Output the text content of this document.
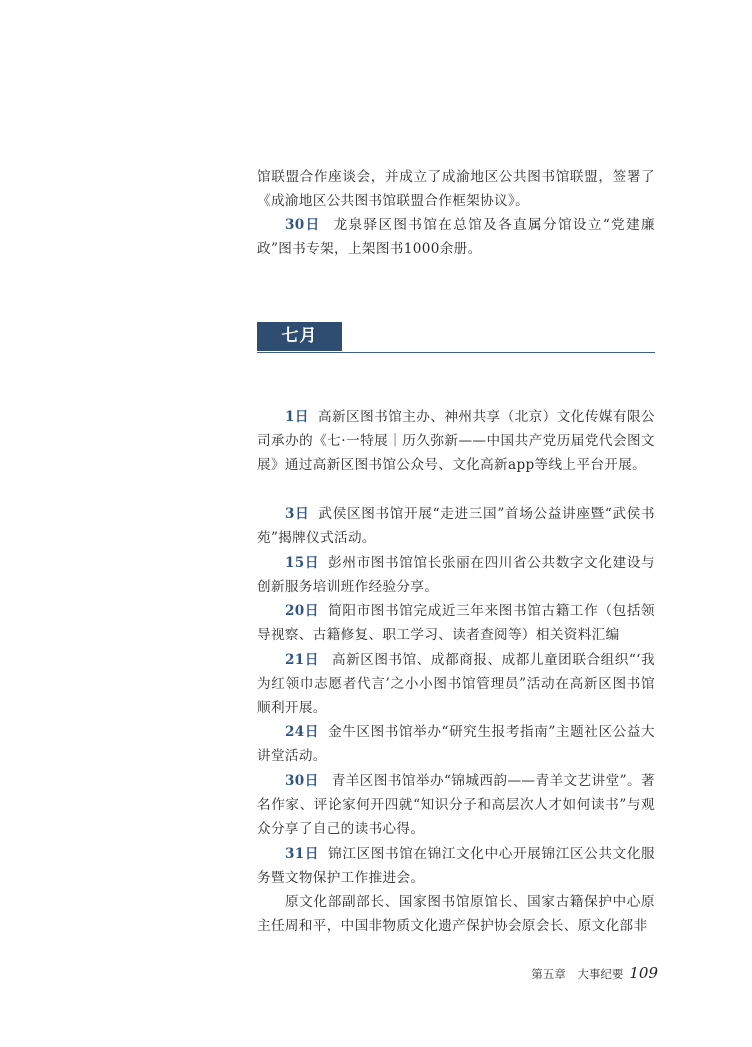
馆联盟合作座谈会，并成立了成渝地区公共图书馆联盟，签署了《成渝地区公共图书馆联盟合作框架协议》。

30日 龙泉驿区图书馆在总馆及各直属分馆设立“党建廉政”图书专架，上架图书1000余册。

七月

1日 高新区图书馆主办、神州共享（北京）文化传媒有限公司承办的《七·一特展｜历久弥新——中国共产党历届党代会图文展》通过高新区图书馆公众号、文化高新app等线上平台开展。

3日 武侯区图书馆开展“走进三国”首场公益讲座暨“武侯书苑”揭牌仪式活动。

15日 彭州市图书馆馆长张丽在四川省公共数字文化建设与创新服务培训班作经验分享。

20日 简阳市图书馆完成近三年来图书馆古籍工作（包括领导视察、古籍修复、职工学习、读者查阅等）相关资料汇编

21日 高新区图书馆、成都商报、成都儿童团联合组织“‘我为红领巾志愿者代言’之小小图书馆管理员”活动在高新区图书馆顺利开展。

24日 金牛区图书馆举办“研究生报考指南”主题社区公益大讲堂活动。

30日 青羊区图书馆举办“锦城西韵——青羊文艺讲堂”。著名作家、评论家何开四就“知识分子和高层次人才如何读书”与观众分享了自己的读书心得。

31日 锦江区图书馆在锦江文化中心开展锦江区公共文化服务暨文物保护工作推进会。

原文化部副部长、国家图书馆原馆长、国家古籍保护中心原主任周和平，中国非物质文化遗产保护协会原会长、原文化部非

第五章　大事纪要 109
